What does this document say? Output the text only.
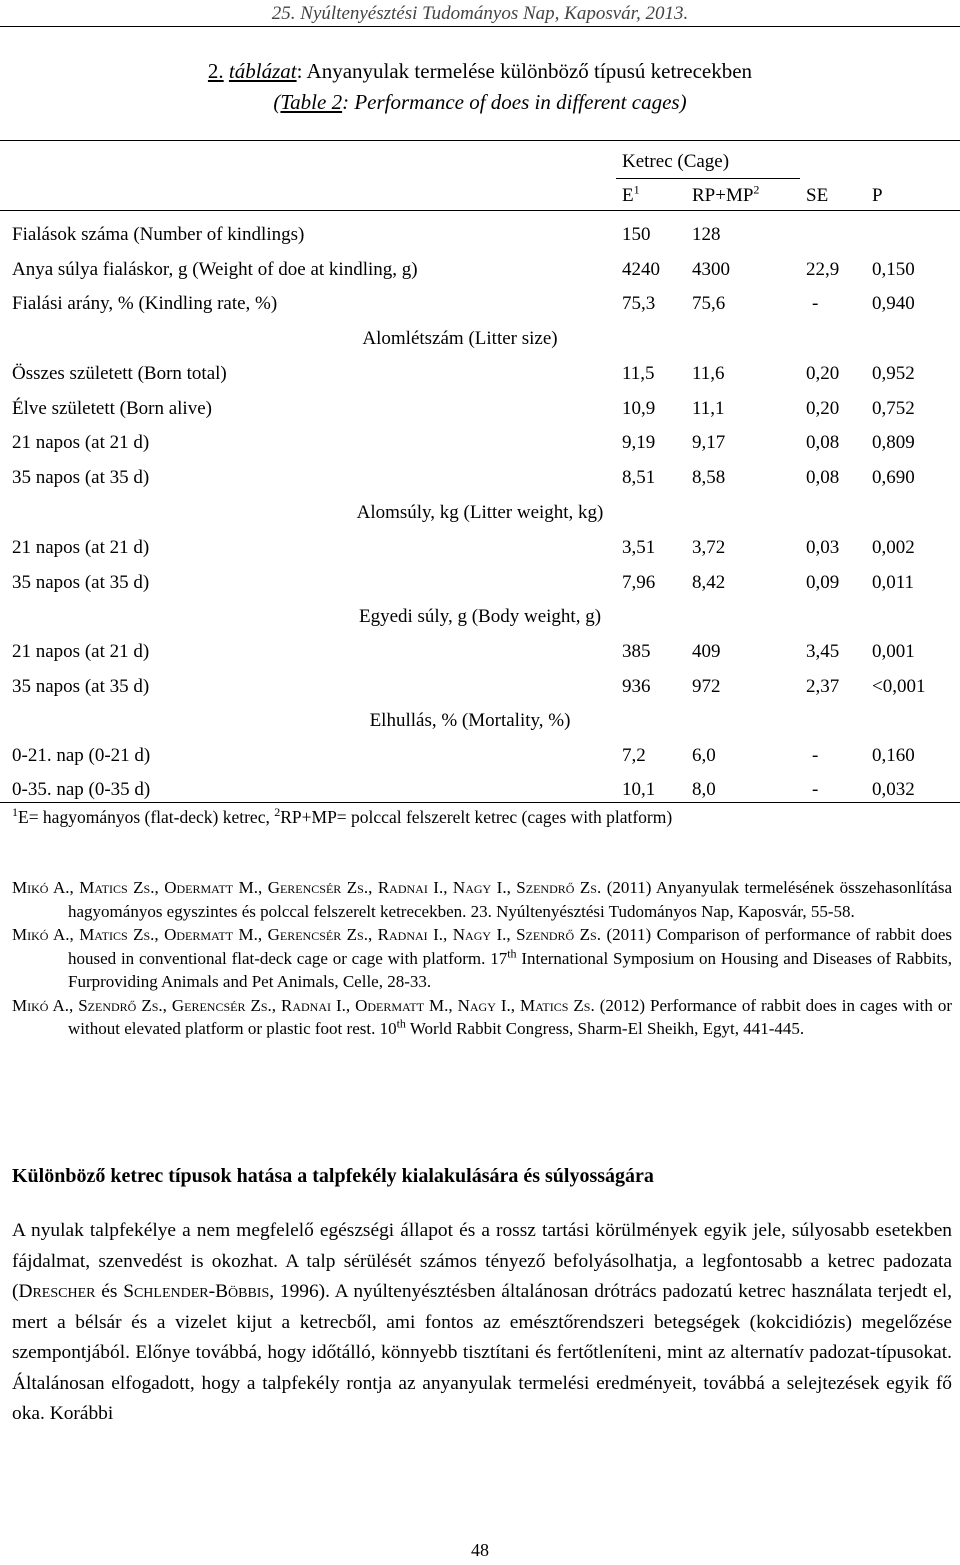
25. Nyúltenyésztési Tudományos Nap, Kaposvár, 2013.
2. táblázat: Anyanyulak termelése különböző típusú ketrecekben
(Table 2: Performance of does in different cages)
Ketrec (Cage)
$E^1$	$RP+MP^2$ SE P
Fialások száma (Number of kindlings)	150 128
Anya súlya fialáskor, g (Weight of doe at kindling, g)	4240 4300	22,9 0,150
Fialási arány, % (Kindling rate, %)	75,3 75,6	-	0,940
Alomlétszám (Litter size)
Összes született (Born total)	11,5 11,6	0,20 0,952
Élve született (Born alive)	10,9 11,1	0,20 0,752
21 napos (at 21 d)	9,19 9,17	0,08 0,809
35 napos (at 35 d)	8,51 8,58	0,08 0,690
Alomsúly, kg (Litter weight, kg)
21 napos (at 21 d)	3,51 3,72	0,03 0,002
35 napos (at 35 d)	7,96 8,42	0,09 0,011
Egyedi súly, g (Body weight, g)
21 napos (at 21 d)	385 409	3,45 0,001
35 napos (at 35 d)	936 972	2,37 <0,001
Elhullás, % (Mortality, %)
0-21. nap (0-21 d)	7,2 6,0	-	0,160
0-35. nap (0-35 d)	10,1 8,0	-	0,032
$^1$E= hagyományos (flat-deck) ketrec, $^2$RP+MP= polccal felszerelt ketrec (cages with platform)

Mikó A., Matics Zs., Odermatt M., Gerencsér Zs., Radnai I., Nagy I., Szendrő Zs. (2011) Anyanyulak termelésének összehasonlítása hagyományos egyszintes és polccal felszerelt ketrecekben. 23. Nyúltenyésztési Tudományos Nap, Kaposvár, 55-58.

Mikó A., Matics Zs., Odermatt M., Gerencsér Zs., Radnai I., Nagy I., Szendrő Zs. (2011) Comparison of performance of rabbit does housed in conventional flat-deck cage or cage with platform. 17th International Symposium on Housing and Diseases of Rabbits, Furproviding Animals and Pet Animals, Celle, 28-33.

Mikó A., Szendrő Zs., Gerencsér Zs., Radnai I., Odermatt M., Nagy I., Matics Zs. (2012) Performance of rabbit does in cages with or without elevated platform or plastic foot rest. 10th World Rabbit Congress, Sharm-El Sheikh, Egyt, 441-445.

Különböző ketrec típusok hatása a talpfekély kialakulására és súlyosságára

A nyulak talpfekélye a nem megfelelő egészségi állapot és a rossz tartási körülmények egyik jele, súlyosabb esetekben fájdalmat, szenvedést is okozhat. A talp sérülését számos tényező befolyásolhatja, a legfontosabb a ketrec padozata (Drescher és Schlender-Böbbis, 1996). A nyúltenyésztésben általánosan drótrács padozatú ketrec használata terjedt el, mert a bélsár és a vizelet kijut a ketrecből, ami fontos az emésztőrendszeri betegségek (kokcidiózis) megelőzése szempontjából. Előnye továbbá, hogy időtálló, könnyebb tisztítani és fertőtleníteni, mint az alternatív padozat-típusokat. Általánosan elfogadott, hogy a talpfekély rontja az anyanyulak termelési eredményeit, továbbá a selejtezések egyik fő oka. Korábbi

48
